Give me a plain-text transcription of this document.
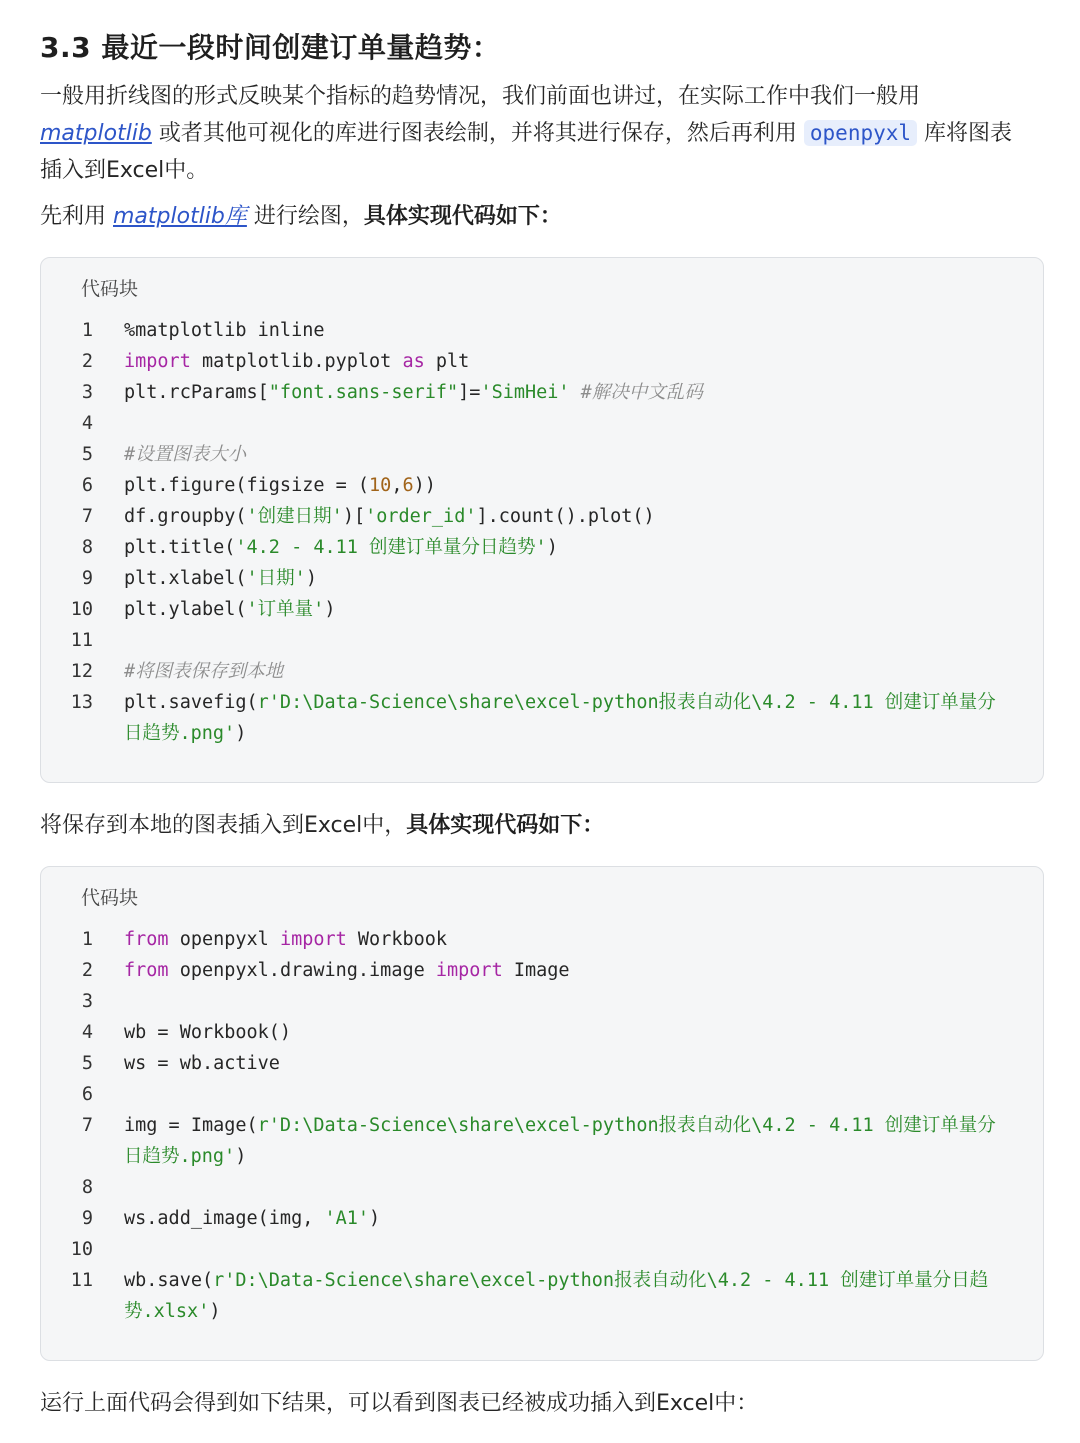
3.3 最近一段时间创建订单量趋势：
一般用折线图的形式反映某个指标的趋势情况，我们前面也讲过，在实际工作中我们一般用
matplotlib 或者其他可视化的库进行图表绘制，并将其进行保存，然后再利用 openpyxl 库将图表
插入到Excel中。
先利用 matplotlib库 进行绘图，具体实现代码如下：
代码块
1 %matplotlib inline
2 import matplotlib.pyplot as plt
3 plt.rcParams["font.sans-serif"]='SimHei' #解决中文乱码
4
5 #设置图表大小
6 plt.figure(figsize = (10,6))
7 df.groupby('创建日期')['order_id'].count().plot()
8 plt.title('4.2 - 4.11 创建订单量分日趋势')
9 plt.xlabel('日期')
10 plt.ylabel('订单量')
11
12 #将图表保存到本地
13 plt.savefig(r'D:\Data-Science\share\excel-python报表自动化\4.2 - 4.11 创建订单量分
日趋势.png')
将保存到本地的图表插入到Excel中，具体实现代码如下：
代码块
1 from openpyxl import Workbook
2 from openpyxl.drawing.image import Image
3
4 wb = Workbook()
5 ws = wb.active
6
7 img = Image(r'D:\Data-Science\share\excel-python报表自动化\4.2 - 4.11 创建订单量分
日趋势.png')
8
9 ws.add_image(img, 'A1')
10
11 wb.save(r'D:\Data-Science\share\excel-python报表自动化\4.2 - 4.11 创建订单量分日趋
势.xlsx')
运行上面代码会得到如下结果，可以看到图表已经被成功插入到Excel中：
